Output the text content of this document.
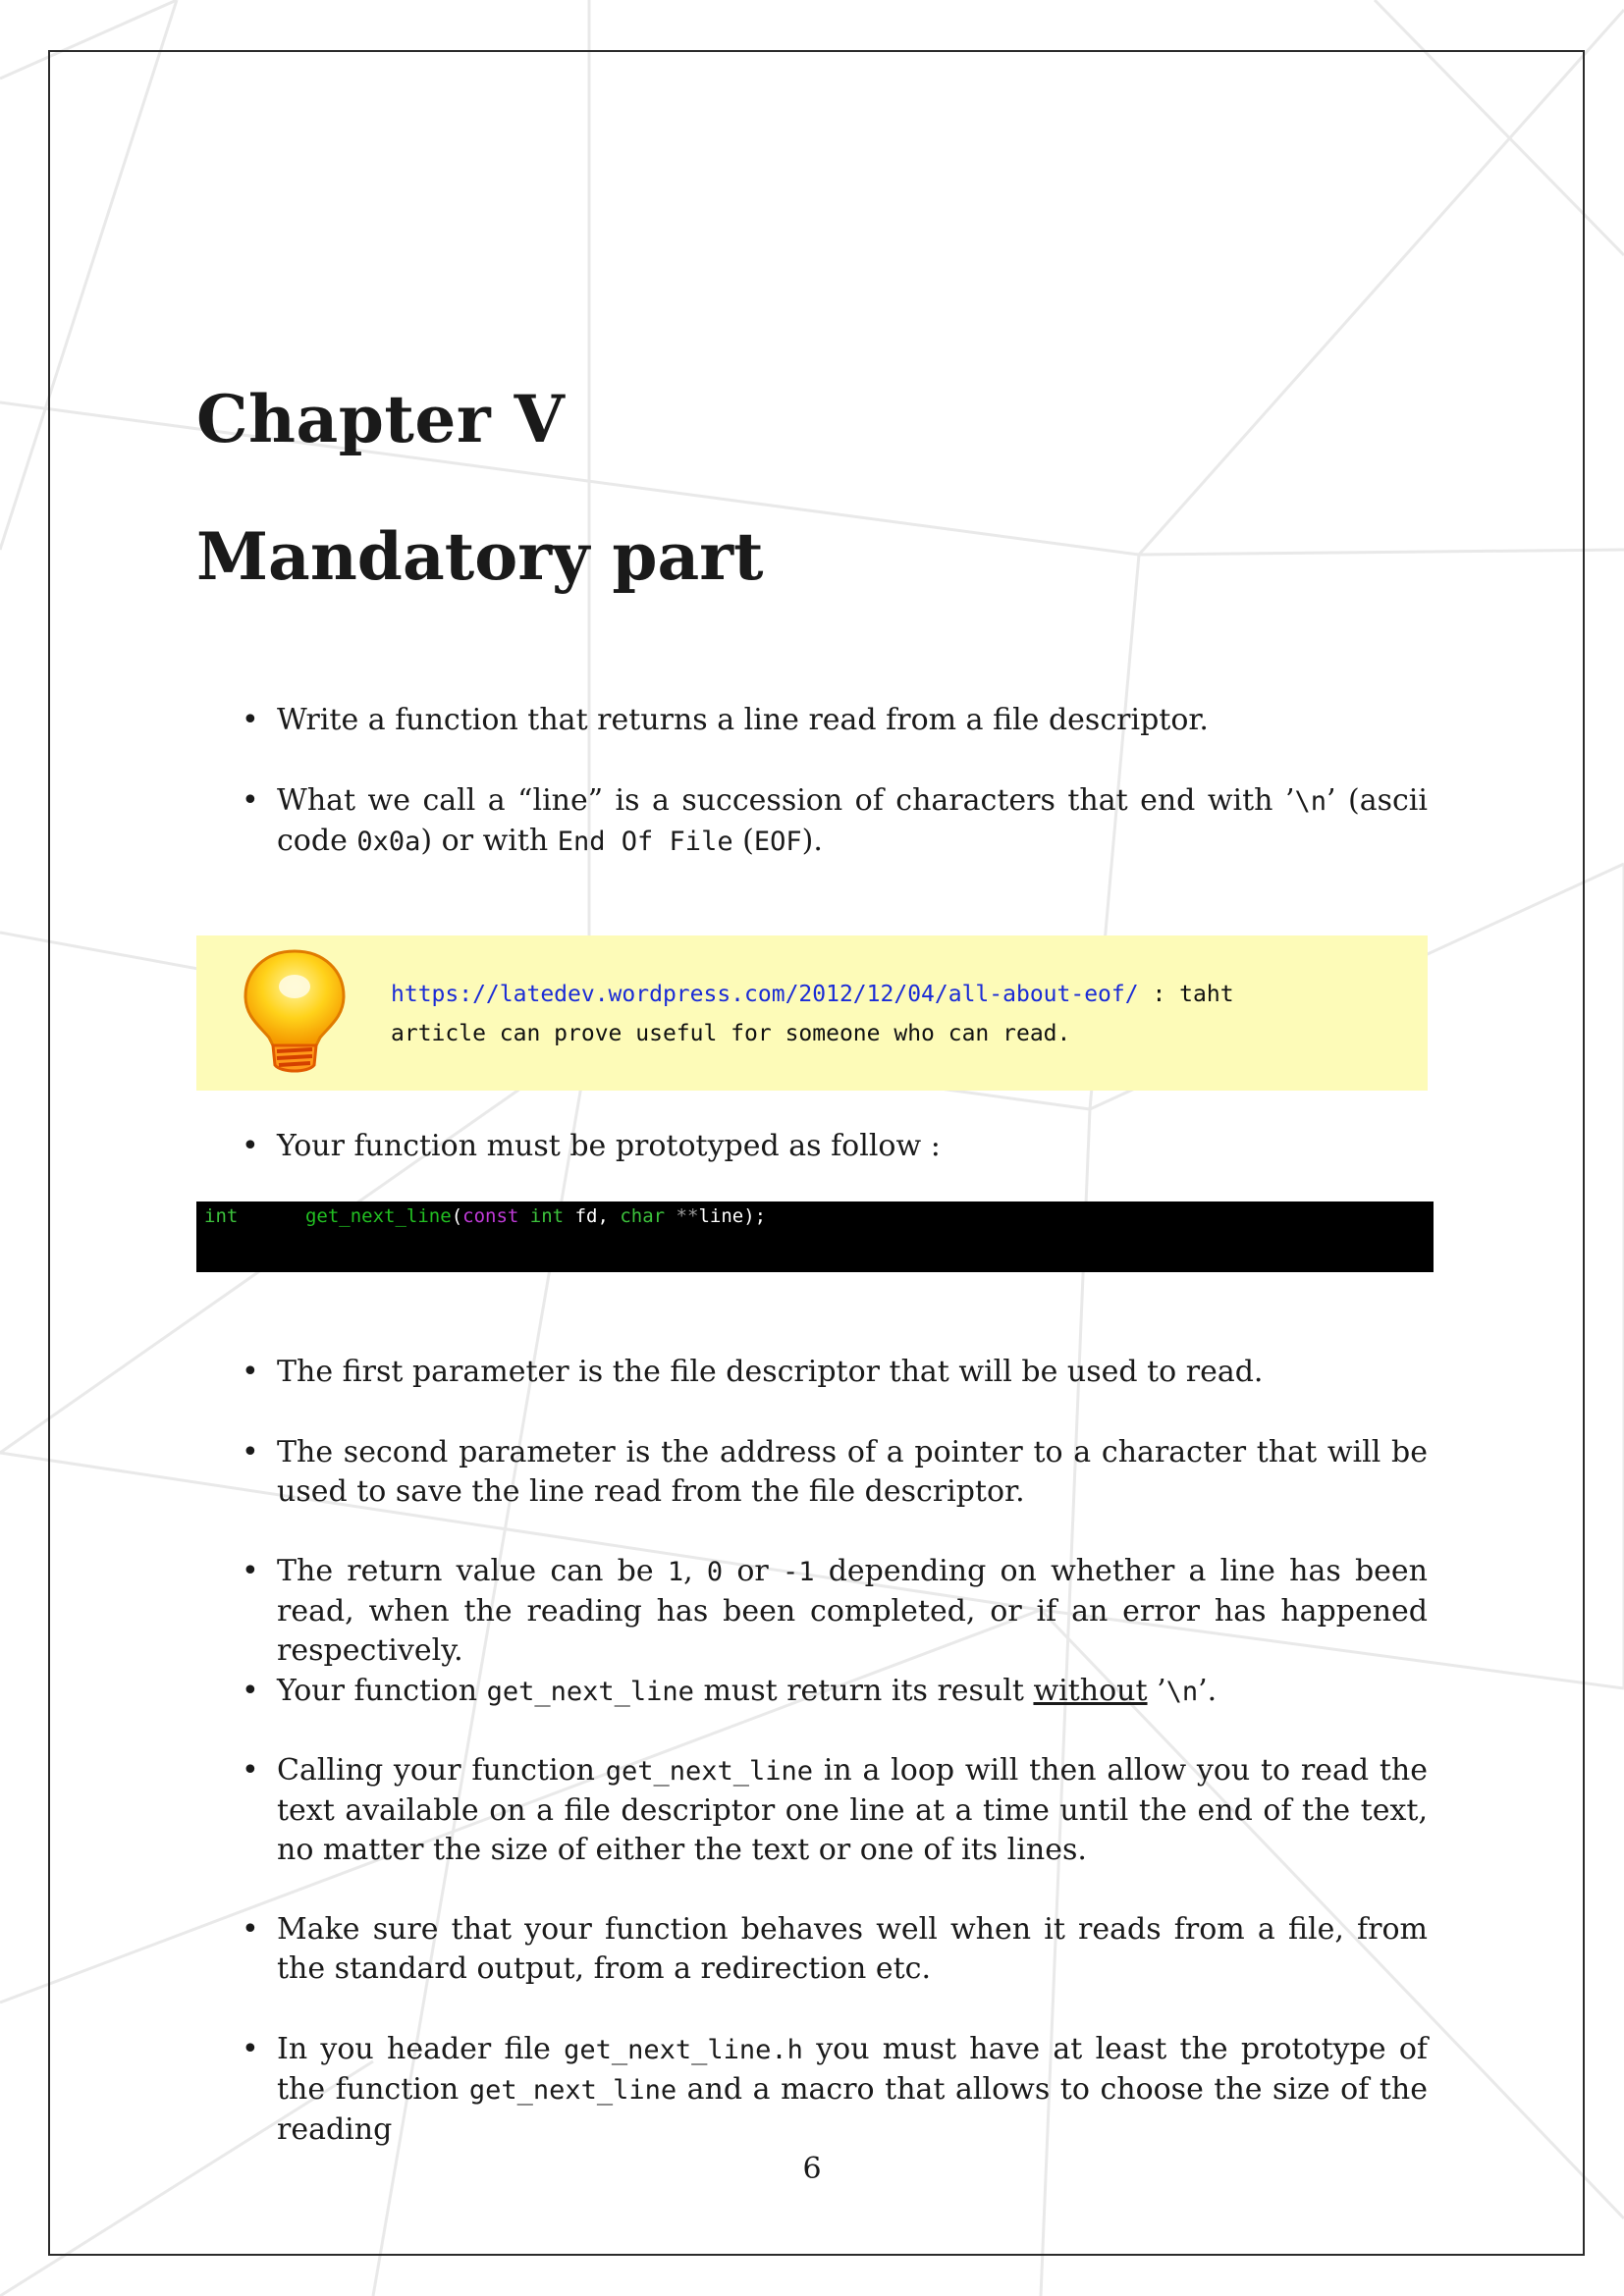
Chapter V
Mandatory part
• Write a function that returns a line read from a file descriptor.
• What we call a “line” is a succession of characters that end with ’\n’ (ascii code 0x0a) or with End Of File (EOF).
https://latedev.wordpress.com/2012/12/04/all-about-eof/ : taht article can prove useful for someone who can read.
• Your function must be prototyped as follow :
int	get_next_line(const int fd, char **line);
• The first parameter is the file descriptor that will be used to read.
• The second parameter is the address of a pointer to a character that will be used to save the line read from the file descriptor.
• The return value can be 1, 0 or -1 depending on whether a line has been read, when the reading has been completed, or if an error has happened respectively.
• Your function get_next_line must return its result without ’\n’.
• Calling your function get_next_line in a loop will then allow you to read the text available on a file descriptor one line at a time until the end of the text, no matter the size of either the text or one of its lines.
• Make sure that your function behaves well when it reads from a file, from the standard output, from a redirection etc.
• In you header file get_next_line.h you must have at least the prototype of the function get_next_line and a macro that allows to choose the size of the reading
6
